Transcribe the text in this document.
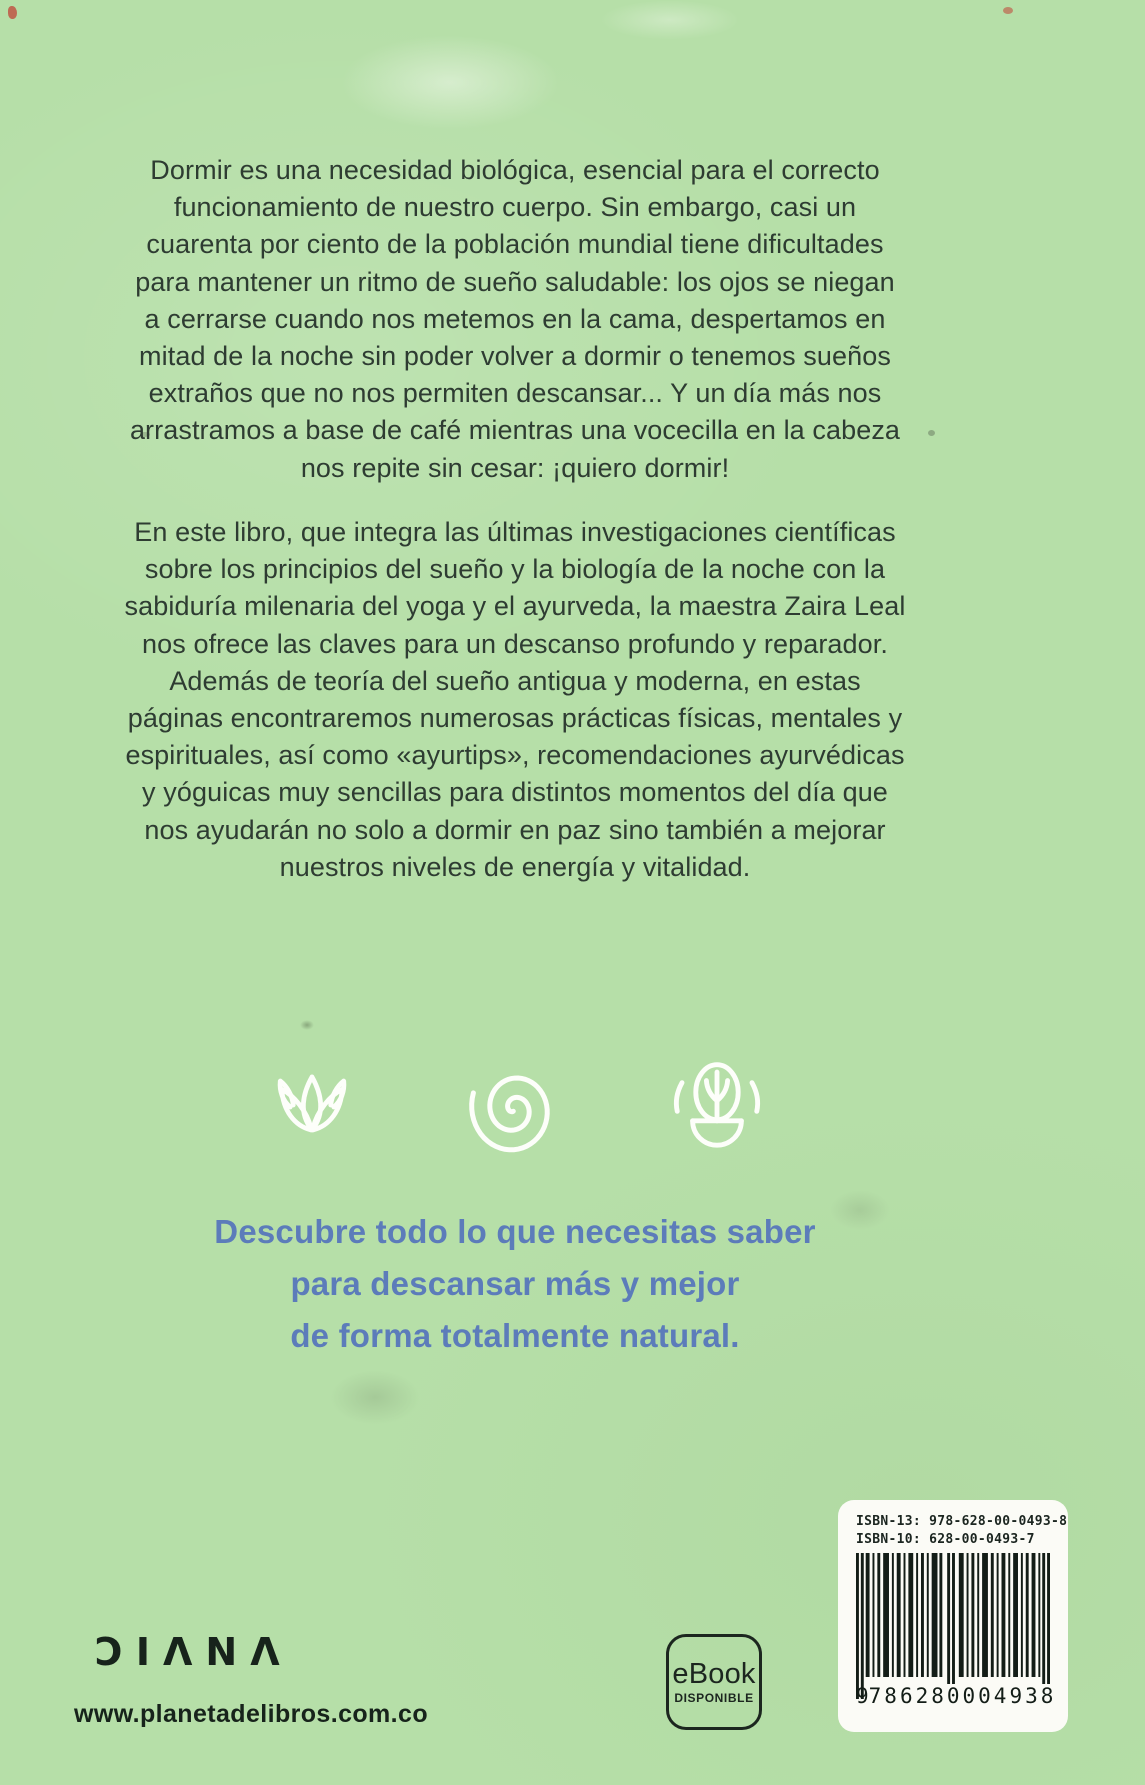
Dormir es una necesidad biológica, esencial para el correcto
funcionamiento de nuestro cuerpo. Sin embargo, casi un
cuarenta por ciento de la población mundial tiene dificultades
para mantener un ritmo de sueño saludable: los ojos se niegan
a cerrarse cuando nos metemos en la cama, despertamos en
mitad de la noche sin poder volver a dormir o tenemos sueños
extraños que no nos permiten descansar... Y un día más nos
arrastramos a base de café mientras una vocecilla en la cabeza
nos repite sin cesar: ¡quiero dormir!
En este libro, que integra las últimas investigaciones científicas
sobre los principios del sueño y la biología de la noche con la
sabiduría milenaria del yoga y el ayurveda, la maestra Zaira Leal
nos ofrece las claves para un descanso profundo y reparador.
Además de teoría del sueño antigua y moderna, en estas
páginas encontraremos numerosas prácticas físicas, mentales y
espirituales, así como «ayurtips», recomendaciones ayurvédicas
y yóguicas muy sencillas para distintos momentos del día que
nos ayudarán no solo a dormir en paz sino también a mejorar
nuestros niveles de energía y vitalidad.
Descubre todo lo que necesitas saber
para descansar más y mejor
de forma totalmente natural.
ISBN-13: 978-628-00-0493-8
ISBN-10: 628-00-0493-7
9 786280 004938
ƆIΛNΛ
www.planetadelibros.com.co
eBook
DISPONIBLE
